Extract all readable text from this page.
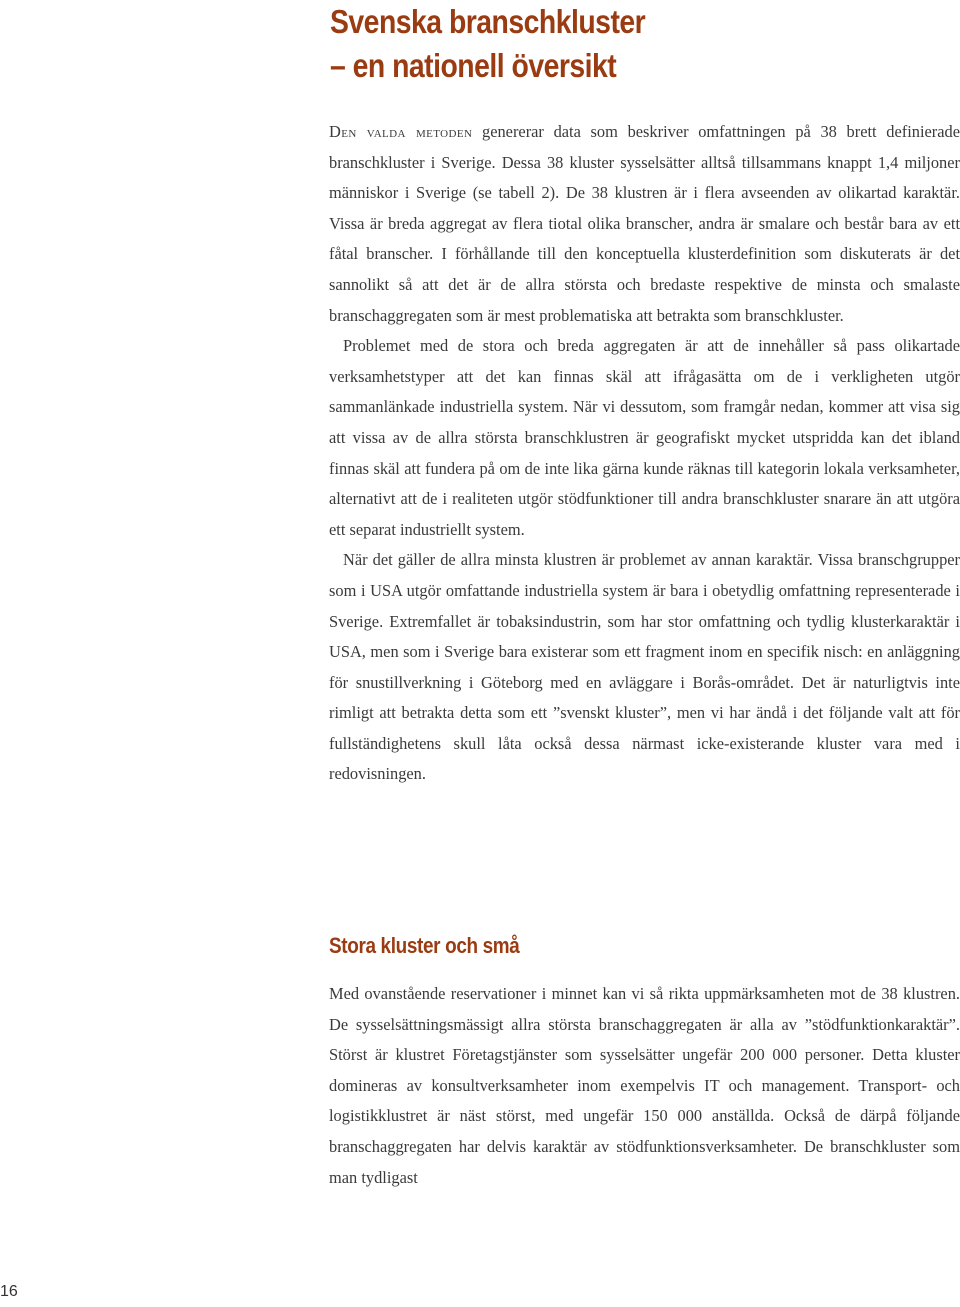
Svenska branschkluster
– en nationell översikt

Den valda metoden genererar data som beskriver omfattningen på 38 brett definierade branschkluster i Sverige. Dessa 38 kluster sysselsätter alltså tillsammans knappt 1,4 miljoner människor i Sverige (se tabell 2). De 38 klustren är i flera avseenden av olikartad karaktär. Vissa är breda aggregat av flera tiotal olika branscher, andra är smalare och består bara av ett fåtal branscher. I förhållande till den konceptuella klusterdefinition som diskuterats är det sannolikt så att det är de allra största och bredaste respektive de minsta och smalaste branschaggregaten som är mest problematiska att betrakta som branschkluster.

Problemet med de stora och breda aggregaten är att de innehåller så pass olikartade verksamhetstyper att det kan finnas skäl att ifrågasätta om de i verkligheten utgör sammanlänkade industriella system. När vi dessutom, som framgår nedan, kommer att visa sig att vissa av de allra största branschklustren är geografiskt mycket utspridda kan det ibland finnas skäl att fundera på om de inte lika gärna kunde räknas till kategorin lokala verksamheter, alternativt att de i realiteten utgör stödfunktioner till andra branschkluster snarare än att utgöra ett separat industriellt system.

När det gäller de allra minsta klustren är problemet av annan karaktär. Vissa branschgrupper som i USA utgör omfattande industriella system är bara i obetydlig omfattning representerade i Sverige. Extremfallet är tobaksindustrin, som har stor omfattning och tydlig klusterkaraktär i USA, men som i Sverige bara existerar som ett fragment inom en specifik nisch: en anläggning för snustillverkning i Göteborg med en avläggare i Borås-området. Det är naturligtvis inte rimligt att betrakta detta som ett ”svenskt kluster”, men vi har ändå i det följande valt att för fullständighetens skull låta också dessa närmast icke-existerande kluster vara med i redovisningen.

Stora kluster och små

Med ovanstående reservationer i minnet kan vi så rikta uppmärksamheten mot de 38 klustren. De sysselsättningsmässigt allra största branschaggregaten är alla av ”stödfunktionkaraktär”. Störst är klustret Företagstjänster som sysselsätter ungefär 200 000 personer. Detta kluster domineras av konsultverksamheter inom exempelvis IT och management. Transport- och logistikklustret är näst störst, med ungefär 150 000 anställda. Också de därpå följande branschaggregaten har delvis karaktär av stödfunktionsverksamheter. De branschkluster som man tydligast

16
